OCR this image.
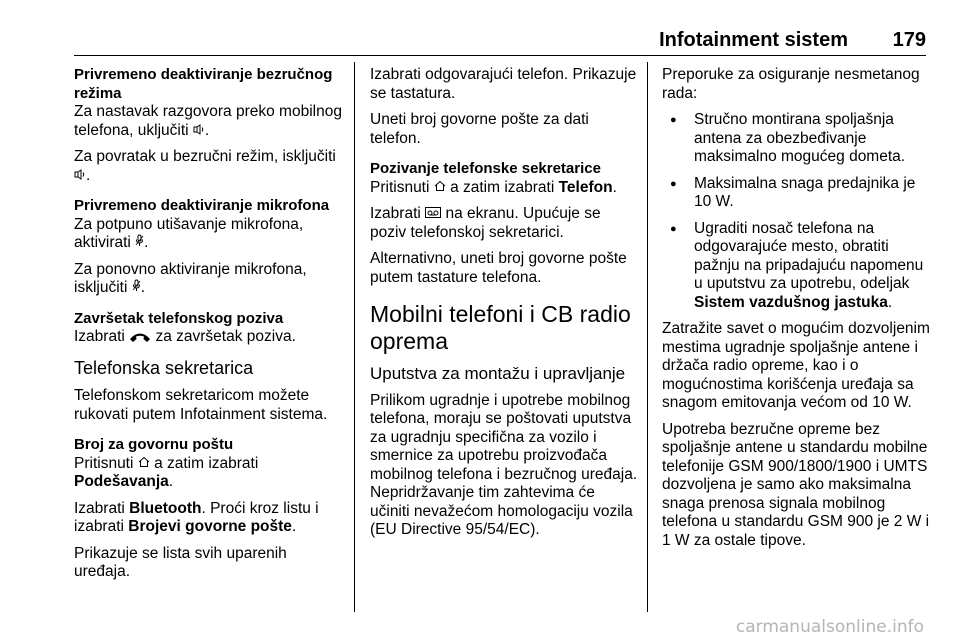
Infotainment sistem 179
Privremeno deaktiviranje bezručnog režima
Za nastavak razgovora preko mobilnog telefona, uključiti .
Za povratak u bezručni režim, isključiti .
Privremeno deaktiviranje mikrofona
Za potpuno utišavanje mikrofona, aktivirati .
Za ponovno aktiviranje mikrofona, isključiti .
Završetak telefonskog poziva
Izabrati za završetak poziva.
Telefonska sekretarica
Telefonskom sekretaricom možete rukovati putem Infotainment sistema.
Broj za govornu poštu
Pritisnuti a zatim izabrati Podešavanja.
Izabrati Bluetooth. Proći kroz listu i izabrati Brojevi govorne pošte.
Prikazuje se lista svih uparenih uređaja.
Izabrati odgovarajući telefon. Prikazuje se tastatura.
Uneti broj govorne pošte za dati telefon.
Pozivanje telefonske sekretarice
Pritisnuti a zatim izabrati Telefon.
Izabrati na ekranu. Upućuje se poziv telefonskoj sekretarici.
Alternativno, uneti broj govorne pošte putem tastature telefona.
Mobilni telefoni i CB radio oprema
Uputstva za montažu i upravljanje
Prilikom ugradnje i upotrebe mobilnog telefona, moraju se poštovati uputstva za ugradnju specifična za vozilo i smernice za upotrebu proizvođača mobilnog telefona i bezručnog uređaja. Nepridržavanje tim zahtevima će učiniti nevažećom homologaciju vozila (EU Directive 95/54/EC).
Preporuke za osiguranje nesmetanog rada:
● Stručno montirana spoljašnja antena za obezbeđivanje maksimalno mogućeg dometa.
● Maksimalna snaga predajnika je 10 W.
● Ugraditi nosač telefona na odgovarajuće mesto, obratiti pažnju na pripadajuću napomenu u uputstvu za upotrebu, odeljak Sistem vazdušnog jastuka.
Zatražite savet o mogućim dozvoljenim mestima ugradnje spoljašnje antene i držača radio opreme, kao i o mogućnostima korišćenja uređaja sa snagom emitovanja većom od 10 W.
Upotreba bezručne opreme bez spoljašnje antene u standardu mobilne telefonije GSM 900/1800/1900 i UMTS dozvoljena je samo ako maksimalna snaga prenosa signala mobilnog telefona u standardu GSM 900 je 2 W i 1 W za ostale tipove.
carmanualsonline.info
